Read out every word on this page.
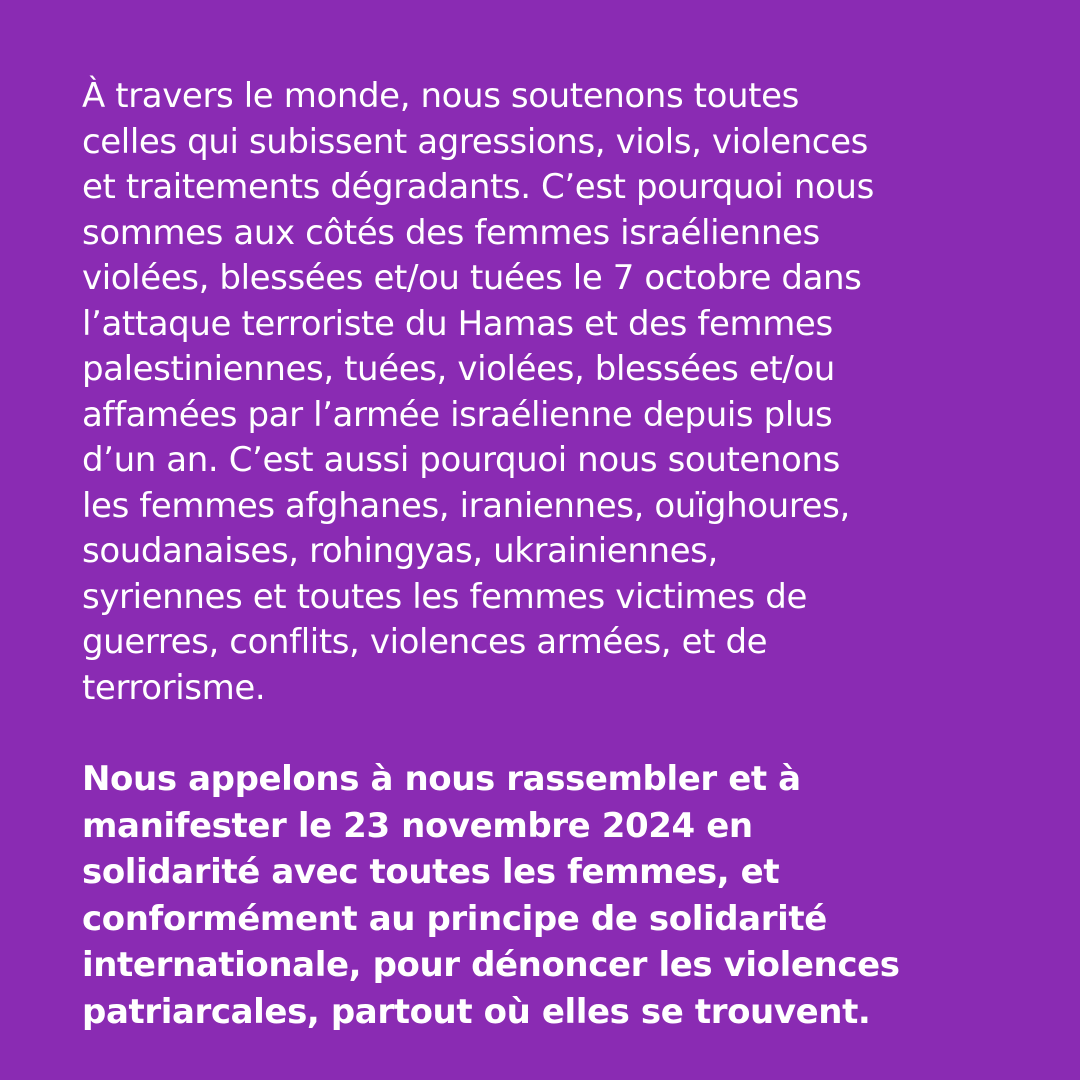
À travers le monde, nous soutenons toutes
celles qui subissent agressions, viols, violences
et traitements dégradants. C’est pourquoi nous
sommes aux côtés des femmes israéliennes
violées, blessées et/ou tuées le 7 octobre dans
l’attaque terroriste du Hamas et des femmes
palestiniennes, tuées, violées, blessées et/ou
affamées par l’armée israélienne depuis plus
d’un an. C’est aussi pourquoi nous soutenons
les femmes afghanes, iraniennes, ouïghoures,
soudanaises, rohingyas, ukrainiennes,
syriennes et toutes les femmes victimes de
guerres, conflits, violences armées, et de
terrorisme.
Nous appelons à nous rassembler et à
manifester le 23 novembre 2024 en
solidarité avec toutes les femmes, et
conformément au principe de solidarité
internationale, pour dénoncer les violences
patriarcales, partout où elles se trouvent.
